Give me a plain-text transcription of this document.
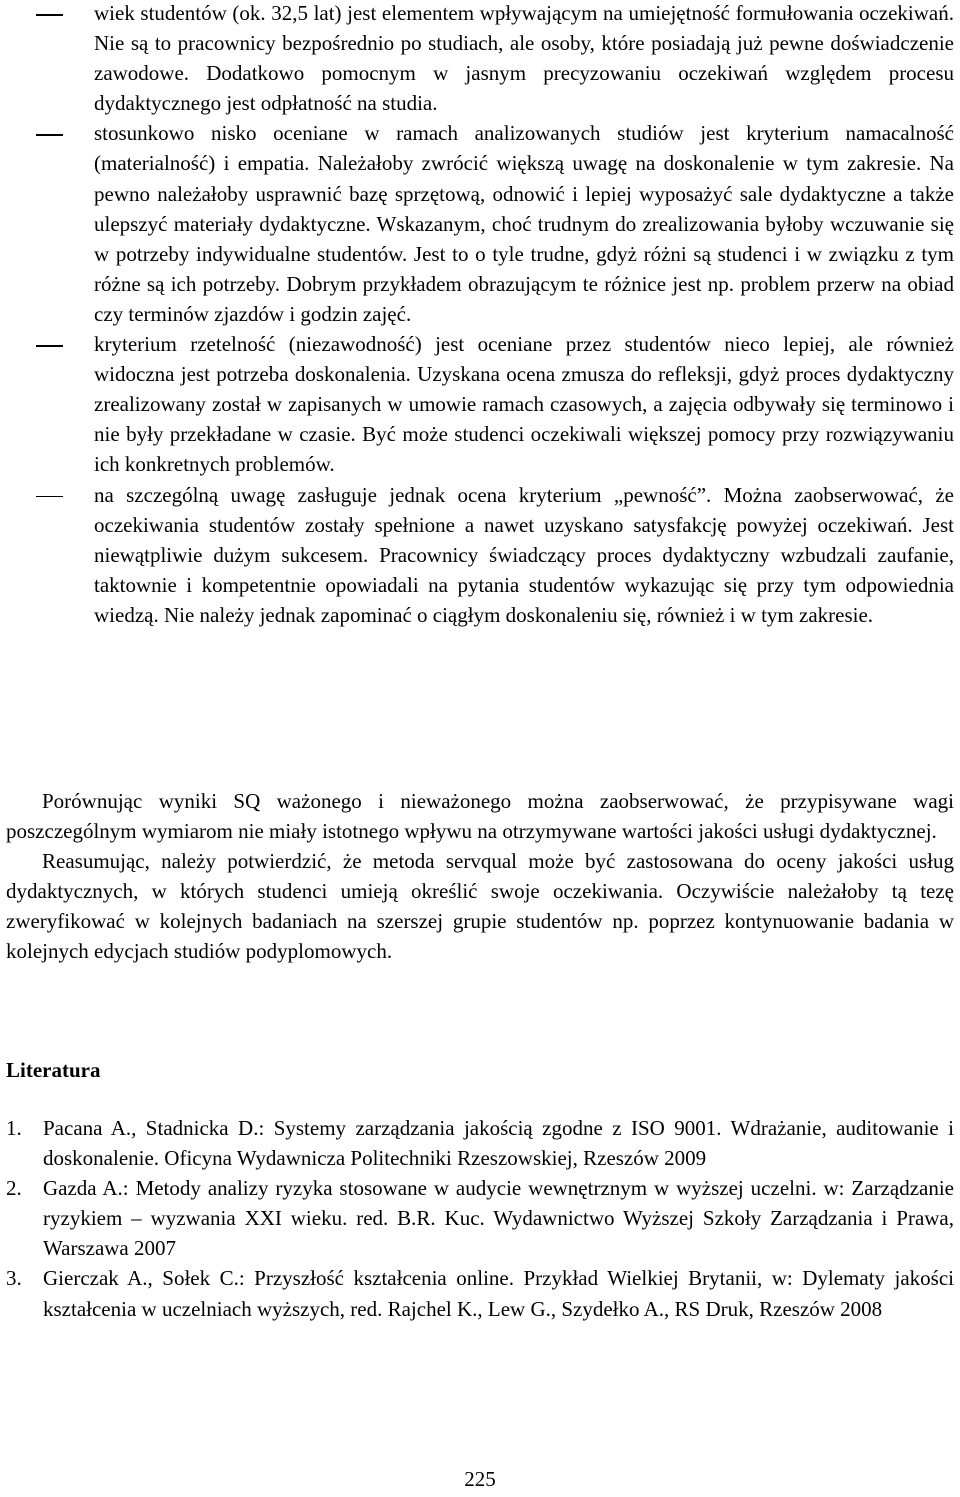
wiek studentów (ok. 32,5 lat) jest elementem wpływającym na umiejętność formułowania oczekiwań. Nie są to pracownicy bezpośrednio po studiach, ale osoby, które posiadają już pewne doświadczenie zawodowe. Dodatkowo pomocnym w jasnym precyzowaniu oczekiwań względem procesu dydaktycznego jest odpłatność na studia.
stosunkowo nisko oceniane w ramach analizowanych studiów jest kryterium namacalność (materialność) i empatia. Należałoby zwrócić większą uwagę na doskonalenie w tym zakresie. Na pewno należałoby usprawnić bazę sprzętową, odnowić i lepiej wyposażyć sale dydaktyczne a także ulepszyć materiały dydaktyczne. Wskazanym, choć trudnym do zrealizowania byłoby wczuwanie się w potrzeby indywidualne studentów. Jest to o tyle trudne, gdyż różni są studenci i w związku z tym różne są ich potrzeby. Dobrym przykładem obrazującym te różnice jest np. problem przerw na obiad czy terminów zjazdów i godzin zajęć.
kryterium rzetelność (niezawodność) jest oceniane przez studentów nieco lepiej, ale również widoczna jest potrzeba doskonalenia. Uzyskana ocena zmusza do refleksji, gdyż proces dydaktyczny zrealizowany został w zapisanych w umowie ramach czasowych, a zajęcia odbywały się terminowo i nie były przekładane w czasie. Być może studenci oczekiwali większej pomocy przy rozwiązywaniu ich konkretnych problemów.
na szczególną uwagę zasługuje jednak ocena kryterium „pewność”. Można zaobserwować, że oczekiwania studentów zostały spełnione a nawet uzyskano satysfakcję powyżej oczekiwań. Jest niewątpliwie dużym sukcesem. Pracownicy świadczący proces dydaktyczny wzbudzali zaufanie, taktownie i kompetentnie opowiadali na pytania studentów wykazując się przy tym odpowiednia wiedzą. Nie należy jednak zapominać o ciągłym doskonaleniu się, również i w tym zakresie.

Porównując wyniki SQ ważonego i nieważonego można zaobserwować, że przypisywane wagi poszczególnym wymiarom nie miały istotnego wpływu na otrzymywane wartości jakości usługi dydaktycznej.

Reasumując, należy potwierdzić, że metoda servqual może być zastosowana do oceny jakości usług dydaktycznych, w których studenci umieją określić swoje oczekiwania. Oczywiście należałoby tą tezę zweryfikować w kolejnych badaniach na szerszej grupie studentów np. poprzez kontynuowanie badania w kolejnych edycjach studiów podyplomowych.

Literatura
1.	Pacana A., Stadnicka D.: Systemy zarządzania jakością zgodne z ISO 9001. Wdrażanie, auditowanie i doskonalenie. Oficyna Wydawnicza Politechniki Rzeszowskiej, Rzeszów 2009
2.	Gazda A.: Metody analizy ryzyka stosowane w audycie wewnętrznym w wyższej uczelni. w: Zarządzanie ryzykiem – wyzwania XXI wieku. red. B.R. Kuc. Wydawnictwo Wyższej Szkoły Zarządzania i Prawa, Warszawa 2007
3.	Gierczak A., Sołek C.: Przyszłość kształcenia online. Przykład Wielkiej Brytanii, w: Dylematy jakości kształcenia w uczelniach wyższych, red. Rajchel K., Lew G., Szydełko A., RS Druk, Rzeszów 2008
225
